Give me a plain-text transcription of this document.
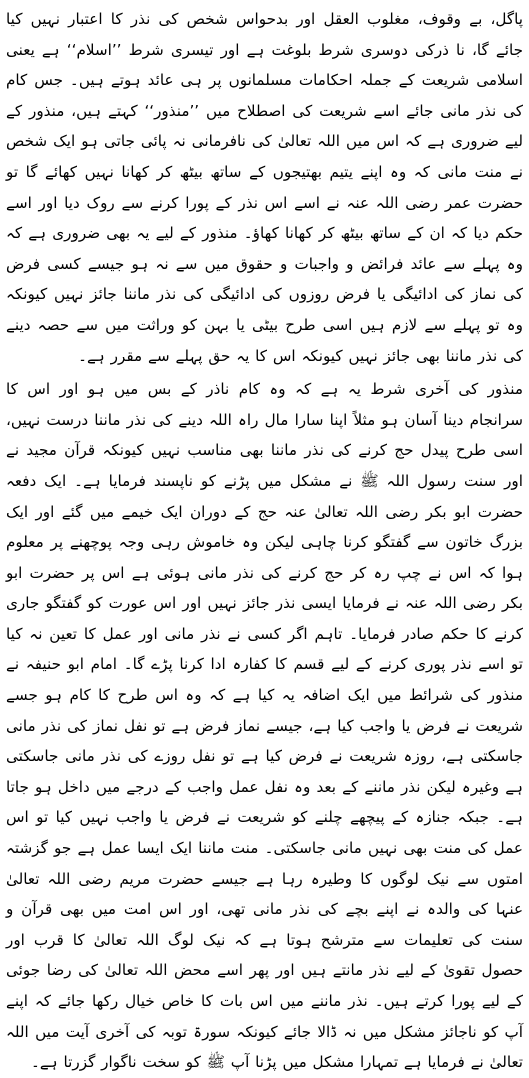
پاگل، بے وقوف، مغلوب العقل اور بدحواس شخص کی نذر کا اعتبار نہیں کیا جائے گا، نا ذرکی دوسری شرط بلوغت ہے اور تیسری شرط ’’اسلام‘‘ ہے یعنی اسلامی شریعت کے جملہ احکامات مسلمانوں پر ہی عائد ہوتے ہیں۔ جس کام کی نذر مانی جائے اسے شریعت کی اصطلاح میں ’’منذور‘‘ کہتے ہیں، منذور کے لیے ضروری ہے کہ اس میں اللہ تعالیٰ کی نافرمانی نہ پائی جاتی ہو ایک شخص نے منت مانی کہ وہ اپنے یتیم بھتیجوں کے ساتھ بیٹھ کر کھانا نہیں کھائے گا تو حضرت عمر رضی اللہ عنہ نے اسے اس نذر کے پورا کرنے سے روک دیا اور اسے حکم دیا کہ ان کے ساتھ بیٹھ کر کھانا کھاؤ۔ منذور کے لیے یہ بھی ضروری ہے کہ وہ پہلے سے عائد فرائض و واجبات و حقوق میں سے نہ ہو جیسے کسی فرض کی نماز کی ادائیگی یا فرض روزوں کی ادائیگی کی نذر ماننا جائز نہیں کیونکہ وہ تو پہلے سے لازم ہیں اسی طرح بیٹی یا بہن کو وراثت میں سے حصہ دینے کی نذر ماننا بھی جائز نہیں کیونکہ اس کا یہ حق پہلے سے مقرر ہے۔

منذور کی آخری شرط یہ ہے کہ وہ کام ناذر کے بس میں ہو اور اس کا سرانجام دینا آسان ہو مثلاً اپنا سارا مال راہ اللہ دینے کی نذر ماننا درست نہیں، اسی طرح پیدل حج کرنے کی نذر ماننا بھی مناسب نہیں کیونکہ قرآن مجید نے اور سنت رسول اللہ ﷺ نے مشکل میں پڑنے کو ناپسند فرمایا ہے۔ ایک دفعہ حضرت ابو بکر رضی اللہ تعالیٰ عنہ حج کے دوران ایک خیمے میں گئے اور ایک بزرگ خاتون سے گفتگو کرنا چاہی لیکن وہ خاموش رہی وجہ پوچھنے پر معلوم ہوا کہ اس نے چپ رہ کر حج کرنے کی نذر مانی ہوئی ہے اس پر حضرت ابو بکر رضی اللہ عنہ نے فرمایا ایسی نذر جائز نہیں اور اس عورت کو گفتگو جاری کرنے کا حکم صادر فرمایا۔ تاہم اگر کسی نے نذر مانی اور عمل کا تعین نہ کیا تو اسے نذر پوری کرنے کے لیے قسم کا کفارہ ادا کرنا پڑے گا۔ امام ابو حنیفہ نے منذور کی شرائط میں ایک اضافہ یہ کیا ہے کہ وہ اس طرح کا کام ہو جسے شریعت نے فرض یا واجب کیا ہے، جیسے نماز فرض ہے تو نفل نماز کی نذر مانی جاسکتی ہے، روزہ شریعت نے فرض کیا ہے تو نفل روزے کی نذر مانی جاسکتی ہے وغیرہ لیکن نذر ماننے کے بعد وہ نفل عمل واجب کے درجے میں داخل ہو جاتا ہے۔ جبکہ جنازہ کے پیچھے چلنے کو شریعت نے فرض یا واجب نہیں کیا تو اس عمل کی منت بھی نہیں مانی جاسکتی۔ منت ماننا ایک ایسا عمل ہے جو گزشتہ امتوں سے نیک لوگوں کا وطیرہ رہا ہے جیسے حضرت مریم رضی اللہ تعالیٰ عنہا کی والدہ نے اپنے بچے کی نذر مانی تھی، اور اس امت میں بھی قرآن و سنت کی تعلیمات سے مترشح ہوتا ہے کہ نیک لوگ اللہ تعالیٰ کا قرب اور حصول تقویٰ کے لیے نذر مانتے ہیں اور پھر اسے محض اللہ تعالیٰ کی رضا جوئی کے لیے پورا کرتے ہیں۔ نذر ماننے میں اس بات کا خاص خیال رکھا جائے کہ اپنے آپ کو ناجائز مشکل میں نہ ڈالا جائے کیونکہ سورۃ توبہ کی آخری آیت میں اللہ تعالیٰ نے فرمایا ہے تمہارا مشکل میں پڑنا آپ ﷺ کو سخت ناگوار گزرتا ہے۔
